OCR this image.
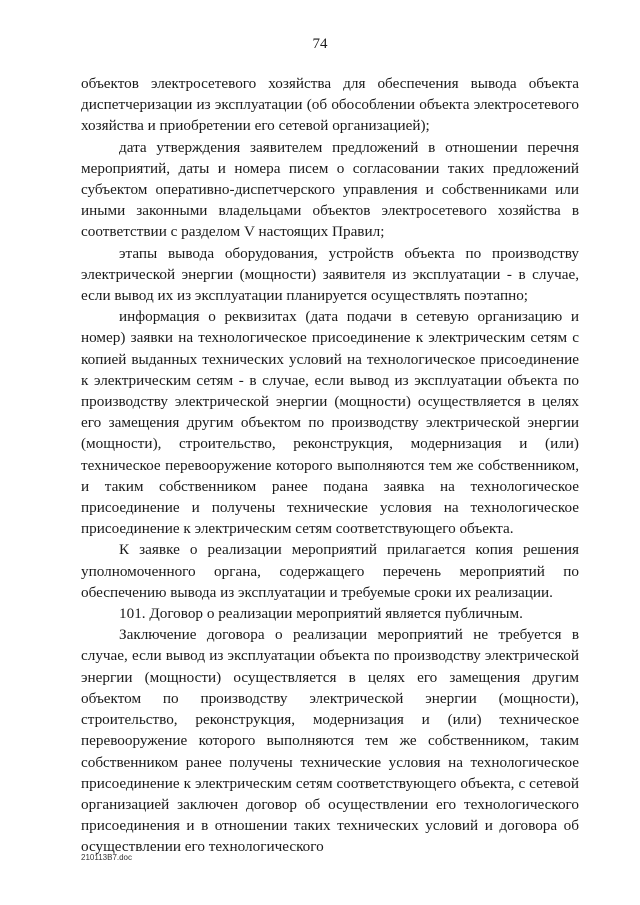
74

объектов электросетевого хозяйства для обеспечения вывода объекта диспетчеризации из эксплуатации (об обособлении объекта электросетевого хозяйства и приобретении его сетевой организацией);

дата утверждения заявителем предложений в отношении перечня мероприятий, даты и номера писем о согласовании таких предложений субъектом оперативно-диспетчерского управления и собственниками или иными законными владельцами объектов электросетевого хозяйства в соответствии с разделом V настоящих Правил;

этапы вывода оборудования, устройств объекта по производству электрической энергии (мощности) заявителя из эксплуатации - в случае, если вывод их из эксплуатации планируется осуществлять поэтапно;

информация о реквизитах (дата подачи в сетевую организацию и номер) заявки на технологическое присоединение к электрическим сетям с копией выданных технических условий на технологическое присоединение к электрическим сетям - в случае, если вывод из эксплуатации объекта по производству электрической энергии (мощности) осуществляется в целях его замещения другим объектом по производству электрической энергии (мощности), строительство, реконструкция, модернизация и (или) техническое перевооружение которого выполняются тем же собственником, и таким собственником ранее подана заявка на технологическое присоединение и получены технические условия на технологическое присоединение к электрическим сетям соответствующего объекта.

К заявке о реализации мероприятий прилагается копия решения уполномоченного органа, содержащего перечень мероприятий по обеспечению вывода из эксплуатации и требуемые сроки их реализации.

101. Договор о реализации мероприятий является публичным.

Заключение договора о реализации мероприятий не требуется в случае, если вывод из эксплуатации объекта по производству электрической энергии (мощности) осуществляется в целях его замещения другим объектом по производству электрической энергии (мощности), строительство, реконструкция, модернизация и (или) техническое перевооружение которого выполняются тем же собственником, таким собственником ранее получены технические условия на технологическое присоединение к электрическим сетям соответствующего объекта, с сетевой организацией заключен договор об осуществлении его технологического присоединения и в отношении таких технических условий и договора об осуществлении его технологического

210113B7.doc
